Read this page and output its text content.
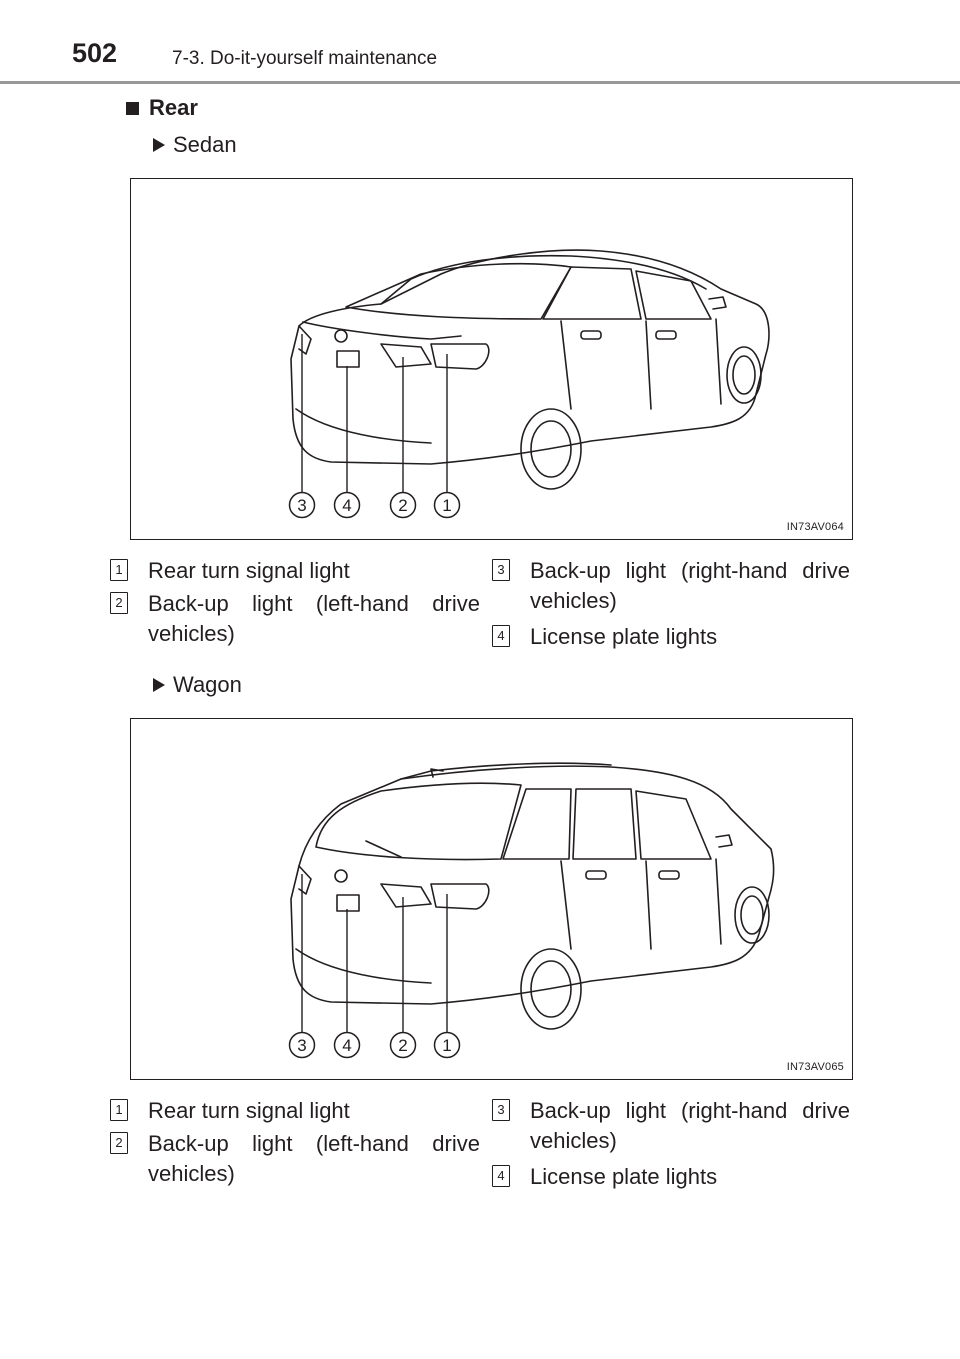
502	7-3. Do-it-yourself maintenance
Rear
Sedan
3 4	2 1
IN73AV064
1 Rear turn signal light
2 Back-up light (left-hand drive vehicles)
3 Back-up light (right-hand drive vehicles)
4 License plate lights
Wagon
3 4	2 1
IN73AV065
1 Rear turn signal light
2 Back-up light (left-hand drive vehicles)
3 Back-up light (right-hand drive vehicles)
4 License plate lights
